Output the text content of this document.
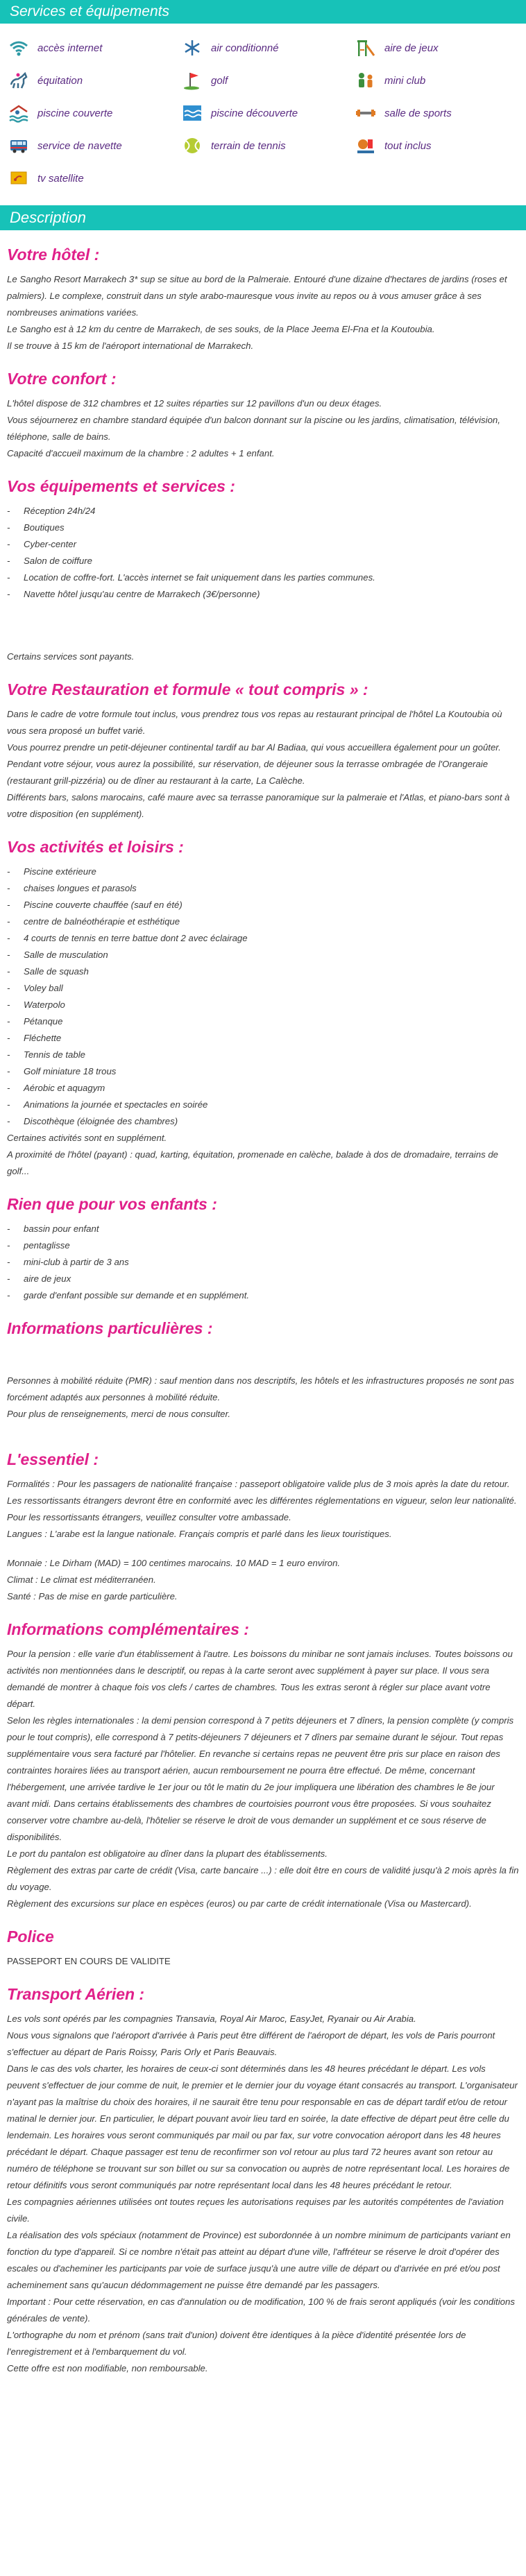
Services et équipements
accès internet	air conditionné	aire de jeux
équitation	golf	mini club
piscine couverte	piscine découverte	salle de sports
service de navette	terrain de tennis	tout inclus
tv satellite
Description
Votre hôtel :

Le Sangho Resort Marrakech 3* sup se situe au bord de la Palmeraie. Entouré d'une dizaine d'hectares de jardins (roses et palmiers). Le complexe, construit dans un style arabo-mauresque vous invite au repos ou à vous amuser grâce à ses nombreuses animations variées.

Le Sangho est à 12 km du centre de Marrakech, de ses souks, de la Place Jeema El-Fna et la Koutoubia.

Il se trouve à 15 km de l'aéroport international de Marrakech.

Votre confort :

L'hôtel dispose de 312 chambres et 12 suites réparties sur 12 pavillons d'un ou deux étages.

Vous séjournerez en chambre standard équipée d'un balcon donnant sur la piscine ou les jardins, climatisation, télévision, téléphone, salle de bains.

Capacité d'accueil maximum de la chambre : 2 adultes + 1 enfant.

Vos équipements et services :
- Réception 24h/24
- Boutiques
- Cyber-center
- Salon de coiffure
- Location de coffre-fort. L'accès internet se fait uniquement dans les parties communes.
- Navette hôtel jusqu'au centre de Marrakech (3€/personne)

Certains services sont payants.

Votre Restauration et formule « tout compris » :

Dans le cadre de votre formule tout inclus, vous prendrez tous vos repas au restaurant principal de l'hôtel La Koutoubia où vous sera proposé un buffet varié.

Vous pourrez prendre un petit-déjeuner continental tardif au bar Al Badiaa, qui vous accueillera également pour un goûter.

Pendant votre séjour, vous aurez la possibilité, sur réservation, de déjeuner sous la terrasse ombragée de l'Orangeraie (restaurant grill-pizzéria) ou de dîner au restaurant à la carte, La Calèche.

Différents bars, salons marocains, café maure avec sa terrasse panoramique sur la palmeraie et l'Atlas, et piano-bars sont à votre disposition (en supplément).

Vos activités et loisirs :
- Piscine extérieure
- chaises longues et parasols
- Piscine couverte chauffée (sauf en été)
- centre de balnéothérapie et esthétique
- 4 courts de tennis en terre battue dont 2 avec éclairage
- Salle de musculation
- Salle de squash
- Voley ball
- Waterpolo
- Pétanque
- Fléchette
- Tennis de table
- Golf miniature 18 trous
- Aérobic et aquagym
- Animations la journée et spectacles en soirée
- Discothèque (éloignée des chambres)

Certaines activités sont en supplément.

A proximité de l'hôtel (payant) : quad, karting, équitation, promenade en calèche, balade à dos de dromadaire, terrains de golf...

Rien que pour vos enfants :
- bassin pour enfant
- pentaglisse
- mini-club à partir de 3 ans
- aire de jeux
- garde d'enfant possible sur demande et en supplément.
Informations particulières :

Personnes à mobilité réduite (PMR) : sauf mention dans nos descriptifs, les hôtels et les infrastructures proposés ne sont pas forcément adaptés aux personnes à mobilité réduite.

Pour plus de renseignements, merci de nous consulter.

L'essentiel :

Formalités : Pour les passagers de nationalité française : passeport obligatoire valide plus de 3 mois après la date du retour.

Les ressortissants étrangers devront être en conformité avec les différentes réglementations en vigueur, selon leur nationalité.

Pour les ressortissants étrangers, veuillez consulter votre ambassade.

Langues : L'arabe est la langue nationale. Français compris et parlé dans les lieux touristiques.

Monnaie : Le Dirham (MAD) = 100 centimes marocains. 10 MAD = 1 euro environ.

Climat : Le climat est méditerranéen.

Santé : Pas de mise en garde particulière.

Informations complémentaires :

Pour la pension : elle varie d'un établissement à l'autre. Les boissons du minibar ne sont jamais incluses. Toutes boissons ou activités non mentionnées dans le descriptif, ou repas à la carte seront avec supplément à payer sur place. Il vous sera demandé de montrer à chaque fois vos clefs / cartes de chambres. Tous les extras seront à régler sur place avant votre départ.

Selon les règles internationales : la demi pension correspond à 7 petits déjeuners et 7 dîners, la pension complète (y compris pour le tout compris), elle correspond à 7 petits-déjeuners 7 déjeuners et 7 dîners par semaine durant le séjour. Tout repas supplémentaire vous sera facturé par l'hôtelier. En revanche si certains repas ne peuvent être pris sur place en raison des contraintes horaires liées au transport aérien, aucun remboursement ne pourra être effectué. De même, concernant l'hébergement, une arrivée tardive le 1er jour ou tôt le matin du 2e jour impliquera une libération des chambres le 8e jour avant midi. Dans certains établissements des chambres de courtoisies pourront vous être proposées. Si vous souhaitez conserver votre chambre au-delà, l'hôtelier se réserve le droit de vous demander un supplément et ce sous réserve de disponibilités.

Le port du pantalon est obligatoire au dîner dans la plupart des établissements.

Règlement des extras par carte de crédit (Visa, carte bancaire ...) : elle doit être en cours de validité jusqu'à 2 mois après la fin du voyage.

Règlement des excursions sur place en espèces (euros) ou par carte de crédit internationale (Visa ou Mastercard).

Police

PASSEPORT EN COURS DE VALIDITE

Transport Aérien :

Les vols sont opérés par les compagnies Transavia, Royal Air Maroc, EasyJet, Ryanair ou Air Arabia.

Nous vous signalons que l'aéroport d'arrivée à Paris peut être différent de l'aéroport de départ, les vols de Paris pourront s'effectuer au départ de Paris Roissy, Paris Orly et Paris Beauvais.

Dans le cas des vols charter, les horaires de ceux-ci sont déterminés dans les 48 heures précédant le départ. Les vols peuvent s'effectuer de jour comme de nuit, le premier et le dernier jour du voyage étant consacrés au transport. L'organisateur n'ayant pas la maîtrise du choix des horaires, il ne saurait être tenu pour responsable en cas de départ tardif et/ou de retour matinal le dernier jour. En particulier, le départ pouvant avoir lieu tard en soirée, la date effective de départ peut être celle du lendemain. Les horaires vous seront communiqués par mail ou par fax, sur votre convocation aéroport dans les 48 heures précédant le départ. Chaque passager est tenu de reconfirmer son vol retour au plus tard 72 heures avant son retour au numéro de téléphone se trouvant sur son billet ou sur sa convocation ou auprès de notre représentant local. Les horaires de retour définitifs vous seront communiqués par notre représentant local dans les 48 heures précédant le retour.

Les compagnies aériennes utilisées ont toutes reçues les autorisations requises par les autorités compétentes de l'aviation civile.

La réalisation des vols spéciaux (notamment de Province) est subordonnée à un nombre minimum de participants variant en fonction du type d'appareil. Si ce nombre n'était pas atteint au départ d'une ville, l'affréteur se réserve le droit d'opérer des escales ou d'acheminer les participants par voie de surface jusqu'à une autre ville de départ ou d'arrivée en pré et/ou post acheminement sans qu'aucun dédommagement ne puisse être demandé par les passagers.

Important : Pour cette réservation, en cas d'annulation ou de modification, 100 % de frais seront appliqués (voir les conditions générales de vente).

L'orthographe du nom et prénom (sans trait d'union) doivent être identiques à la pièce d'identité présentée lors de l'enregistrement et à l'embarquement du vol.

Cette offre est non modifiable, non remboursable.
